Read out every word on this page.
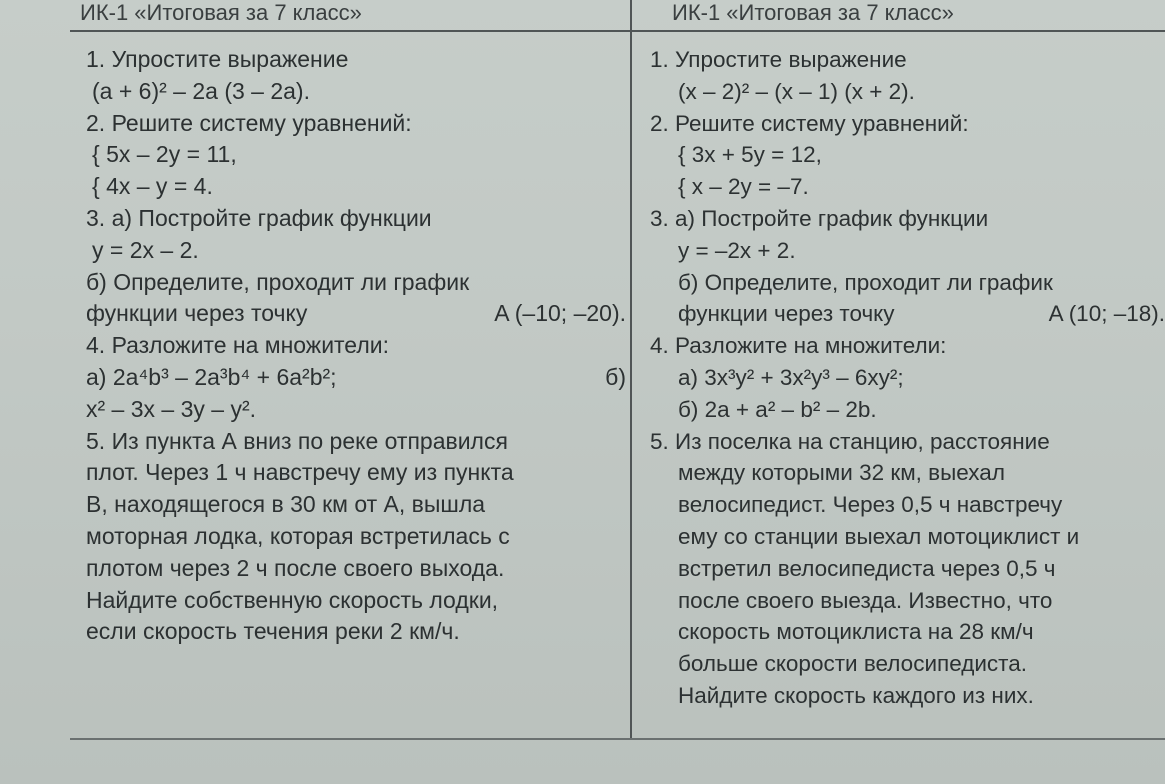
ИК-1 «Итоговая за 7 класс»	ИК-1 «Итоговая за 7 класс»
1. Упростите выражение
(a + 6)² – 2a (3 – 2a).
2. Решите систему уравнений:
{ 5x – 2y = 11,
{ 4x – y = 4.
3. а) Постройте график функции
y = 2x – 2.
б) Определите, проходит ли график
функции через точку	A (–10; –20).
4. Разложите на множители:
а) 2a⁴b³ – 2a³b⁴ + 6a²b²;	б)
x² – 3x – 3y – y².
5. Из пункта А вниз по реке отправился
плот. Через 1 ч навстречу ему из пункта
В, находящегося в 30 км от А, вышла
моторная лодка, которая встретилась с
плотом через 2 ч после своего выхода.
Найдите собственную скорость лодки,
если скорость течения реки 2 км/ч.
1. Упростите выражение
(x – 2)² – (x – 1) (x + 2).
2. Решите систему уравнений:
{ 3x + 5y = 12,
{ x – 2y = –7.
3. а) Постройте график функции
y = –2x + 2.
б) Определите, проходит ли график
функции через точку	A (10; –18).
4. Разложите на множители:
а) 3x³y² + 3x²y³ – 6xy²;
б) 2a + a² – b² – 2b.
5. Из поселка на станцию, расстояние
между которыми 32 км, выехал
велосипедист. Через 0,5 ч навстречу
ему со станции выехал мотоциклист и
встретил велосипедиста через 0,5 ч
после своего выезда. Известно, что
скорость мотоциклиста на 28 км/ч
больше скорости велосипедиста.
Найдите скорость каждого из них.
